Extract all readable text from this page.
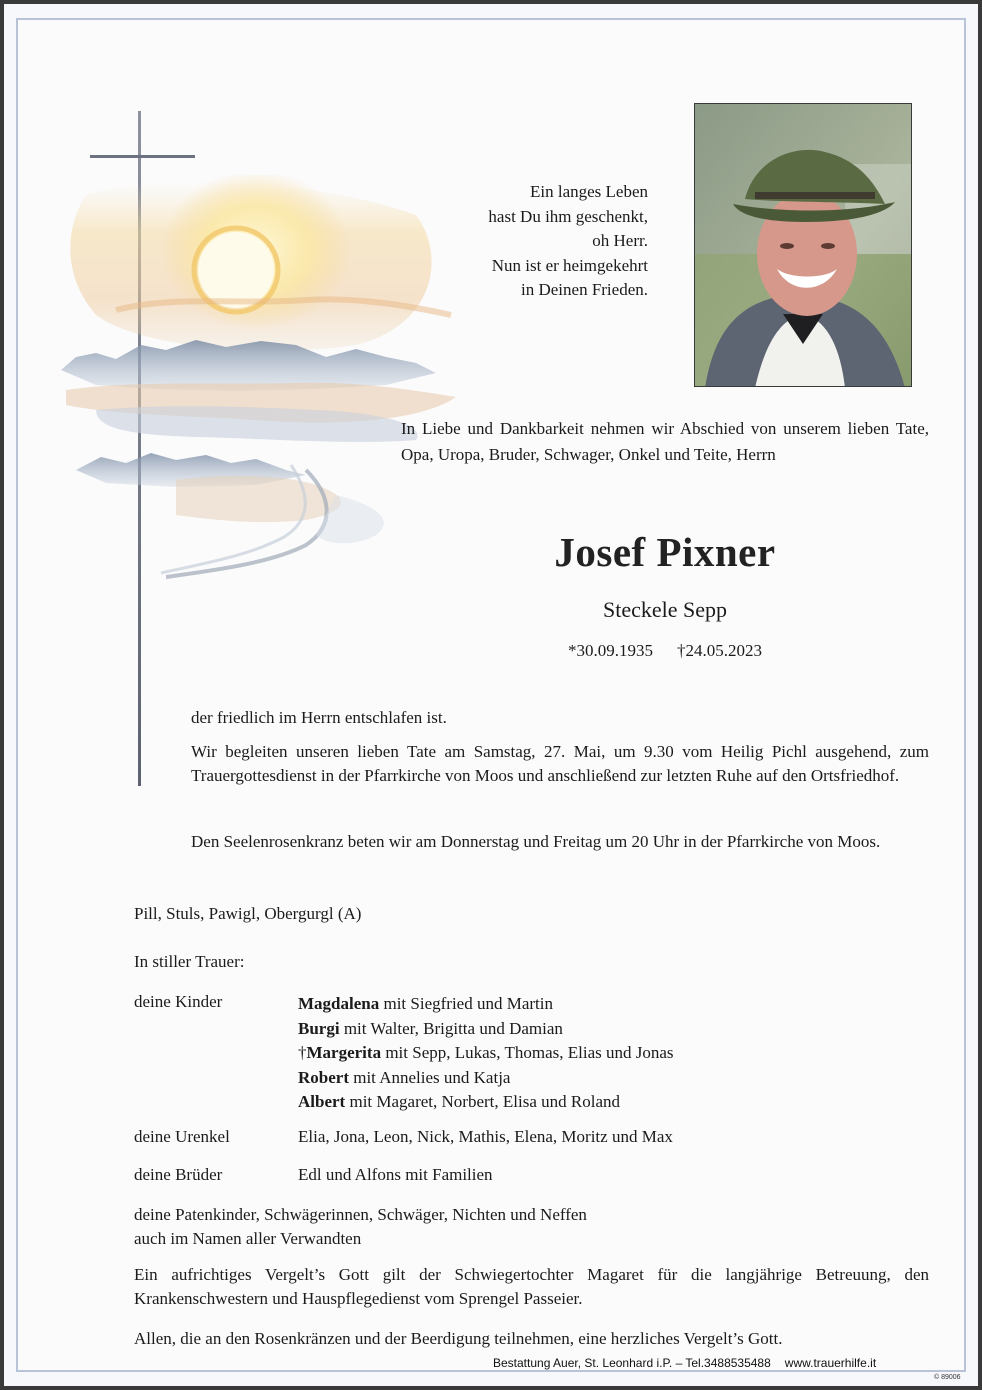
Ein langes Leben
hast Du ihm geschenkt,
oh Herr.
Nun ist er heimgekehrt
in Deinen Frieden.
In Liebe und Dankbarkeit nehmen wir Abschied von unserem lieben Tate, Opa, Uropa, Bruder, Schwager, Onkel und Teite, Herrn
Josef Pixner
Steckele Sepp
*30.09.1935 †24.05.2023
der friedlich im Herrn entschlafen ist.
Wir begleiten unseren lieben Tate am Samstag, 27. Mai, um 9.30 vom Heilig Pichl ausgehend, zum Trauergottesdienst in der Pfarrkirche von Moos und anschließend zur letzten Ruhe auf den Ortsfriedhof.
Den Seelenrosenkranz beten wir am Donnerstag und Freitag um 20 Uhr in der Pfarrkirche von Moos.
Pill, Stuls, Pawigl, Obergurgl (A)
In stiller Trauer:
deine Kinder	Magdalena mit Siegfried und Martin
Burgi mit Walter, Brigitta und Damian
†Margerita mit Sepp, Lukas, Thomas, Elias und Jonas
Robert mit Annelies und Katja
Albert mit Magaret, Norbert, Elisa und Roland
deine Urenkel	Elia, Jona, Leon, Nick, Mathis, Elena, Moritz und Max
deine Brüder	Edl und Alfons mit Familien
deine Patenkinder, Schwägerinnen, Schwäger, Nichten und Neffen
auch im Namen aller Verwandten
Ein aufrichtiges Vergelt’s Gott gilt der Schwiegertochter Magaret für die langjährige Betreuung, den Krankenschwestern und Hauspflegedienst vom Sprengel Passeier.
Allen, die an den Rosenkränzen und der Beerdigung teilnehmen, eine herzliches Vergelt’s Gott.
Bestattung Auer, St. Leonhard i.P. – Tel.3488535488 www.trauerhilfe.it
© 89006
